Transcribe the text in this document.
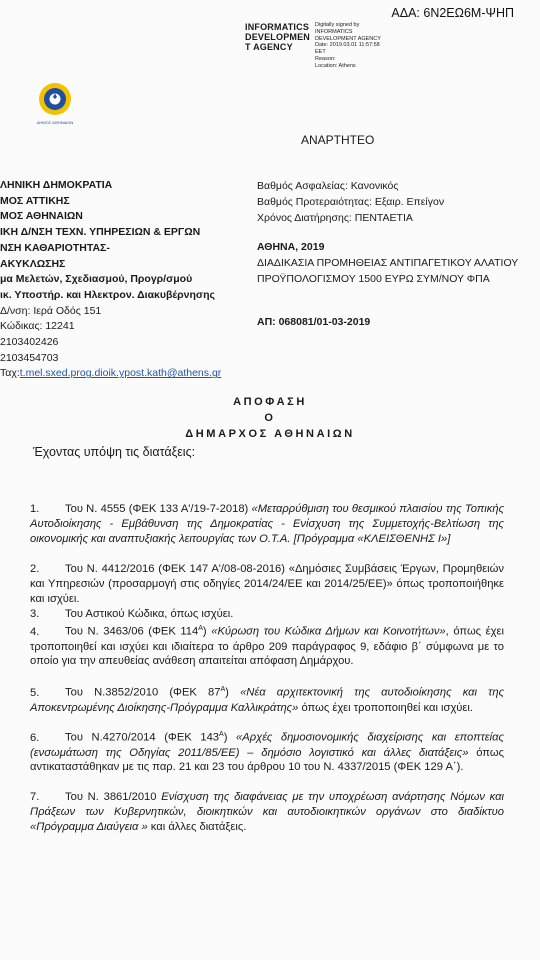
ΑΔΑ: 6Ν2ΕΩ6Μ-ΨΗΠ
INFORMATICS DEVELOPMEN T AGENCY
Digitally signed by
INFORMATICS
DEVELOPMENT AGENCY
Date: 2019.03.01 11:57:58
EET
Reason:
Location: Athens
ΔΗΜΟΣ ΑΘΗΝΑΙΩΝ
ΑΝΑΡΤΗΤΕΟ
ΛΗΝΙΚΗ ΔΗΜΟΚΡΑΤΙΑ
ΜΟΣ ΑΤΤΙΚΗΣ
ΜΟΣ ΑΘΗΝΑΙΩΝ
ΙΚΗ Δ/ΝΣΗ ΤΕΧΝ. ΥΠΗΡΕΣΙΩΝ & ΕΡΓΩΝ
ΝΣΗ ΚΑΘΑΡΙΟΤΗΤΑΣ-
ΑΚΥΚΛΩΣΗΣ
μα Μελετών, Σχεδιασμού, Προγρ/σμού
ικ. Υποστήρ. και Ηλεκτρον. Διακυβέρνησης
Δ/νση: Ιερά Οδός 151
Κώδικας: 12241
2103402426
2103454703
Ταχ:t.mel.sxed.prog.dioik.ypost.kath@athens.gr
Βαθμός Ασφαλείας: Κανονικός
Βαθμός Προτεραιότητας: Εξαιρ. Επείγον
Χρόνος Διατήρησης: ΠΕΝΤΑΕΤΙΑ
ΑΘΗΝΑ, 2019
ΔΙΑΔΙΚΑΣΙΑ ΠΡΟΜΗΘΕΙΑΣ ΑΝΤΙΠΑΓΕΤΙΚΟΥ ΑΛΑΤΙΟΥ
ΠΡΟΫΠΟΛΟΓΙΣΜΟΥ 1500 ΕΥΡΩ ΣΥΜ/ΝΟΥ ΦΠΑ
ΑΠ: 068081/01-03-2019
ΑΠΟΦΑΣΗ
Ο
ΔΗΜΑΡΧΟΣ ΑΘΗΝΑΙΩΝ
Έχοντας υπόψη τις διατάξεις:
1. Του Ν. 4555 (ΦΕΚ 133 Α'/19-7-2018) «Μεταρρύθμιση του θεσμικού πλαισίου της Τοπικής Αυτοδιοίκησης - Εμβάθυνση της Δημοκρατίας - Ενίσχυση της Συμμετοχής-Βελτίωση της οικονομικής και αναπτυξιακής λειτουργίας των Ο.Τ.Α. [Πρόγραμμα «ΚΛΕΙΣΘΕΝΗΣ Ι»]
2. Του Ν. 4412/2016 (ΦΕΚ 147 Α'/08-08-2016) «Δημόσιες Συμβάσεις Έργων, Προμηθειών και Υπηρεσιών (προσαρμογή στις οδηγίες 2014/24/ΕΕ και 2014/25/ΕΕ)» όπως τροποποιήθηκε και ισχύει.
3. Του Αστικού Κώδικα, όπως ισχύει.
4. Του Ν. 3463/06 (ΦΕΚ $114^A$) «Κύρωση του Κώδικα Δήμων και Κοινοτήτων», όπως έχει τροποποιηθεί και ισχύει και ιδιαίτερα το άρθρο 209 παράγραφος 9, εδάφιο β΄ σύμφωνα με το οποίο για την απευθείας ανάθεση απαιτείται απόφαση Δημάρχου.
5. Του Ν.3852/2010 (ΦΕΚ $87^A$) «Νέα αρχιτεκτονική της αυτοδιοίκησης και της Αποκεντρωμένης Διοίκησης-Πρόγραμμα Καλλικράτης» όπως έχει τροποποιηθεί και ισχύει.
6. Του Ν.4270/2014 (ΦΕΚ $143^A$) «Αρχές δημοσιονομικής διαχείρισης και εποπτείας (ενσωμάτωση της Οδηγίας 2011/85/ΕΕ) – δημόσιο λογιστικό και άλλες διατάξεις» όπως αντικαταστάθηκαν με τις παρ. 21 και 23 του άρθρου 10 του Ν. 4337/2015 (ΦΕΚ 129 Α΄).
7. Του Ν. 3861/2010 Ενίσχυση της διαφάνειας με την υποχρέωση ανάρτησης Νόμων και Πράξεων των Κυβερνητικών, διοικητικών και αυτοδιοικητικών οργάνων στο διαδίκτυο «Πρόγραμμα Διαύγεια » και άλλες διατάξεις.
